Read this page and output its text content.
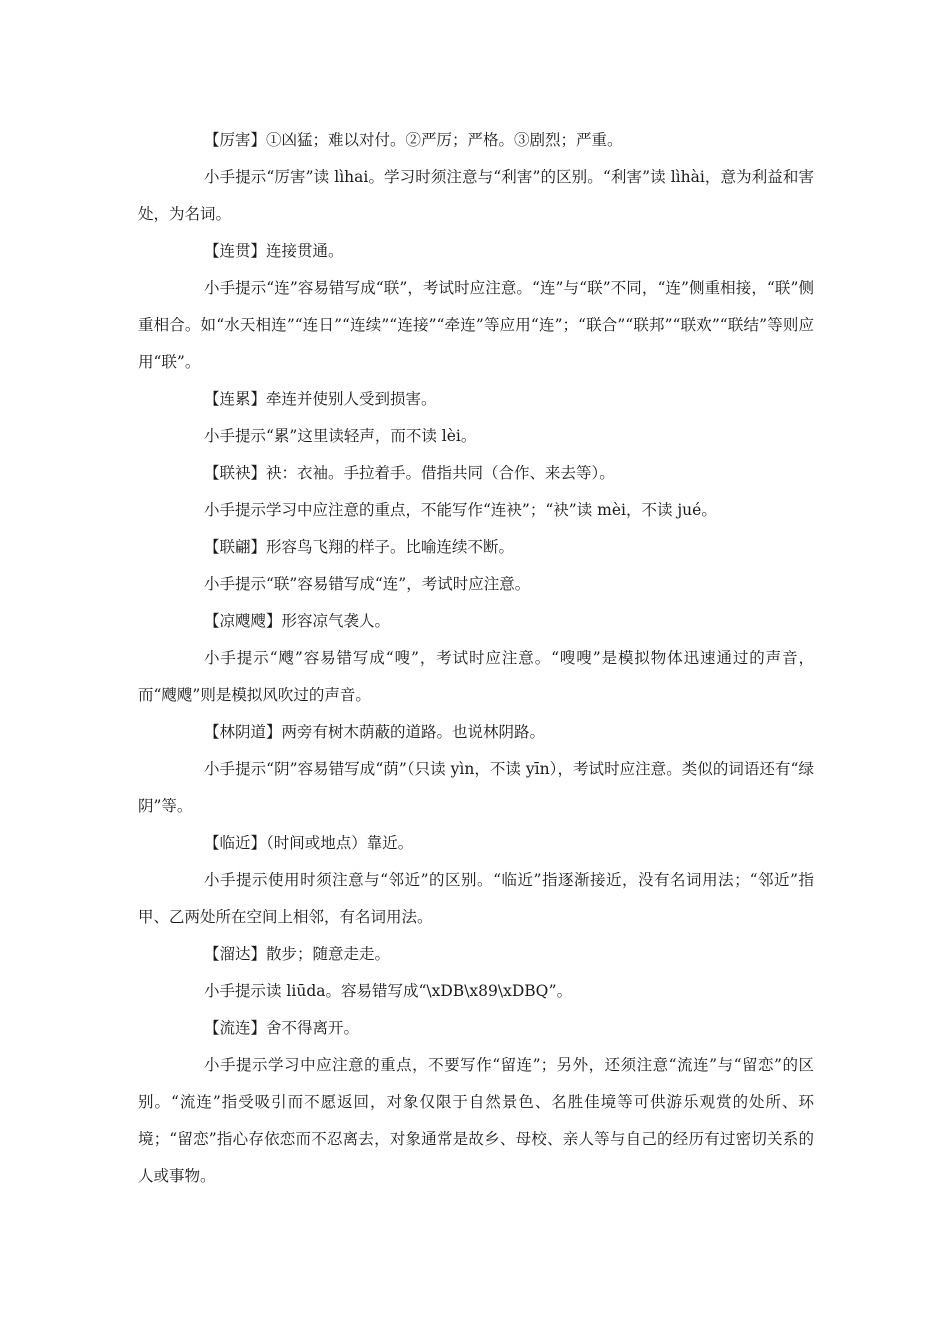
【厉害】①凶猛；难以对付。②严厉；严格。③剧烈；严重。

小手提示“厉害”读 lìhai。学习时须注意与“利害”的区别。“利害”读 lìhài，意为利益和害处，为名词。

【连贯】连接贯通。

小手提示“连”容易错写成“联”，考试时应注意。“连”与“联”不同，“连”侧重相接，“联”侧重相合。如“水天相连”“连日”“连续”“连接”“牵连”等应用“连”；“联合”“联邦”“联欢”“联结”等则应用“联”。

【连累】牵连并使别人受到损害。

小手提示“累”这里读轻声，而不读 lèi。

【联袂】袂：衣袖。手拉着手。借指共同（合作、来去等）。

小手提示学习中应注意的重点，不能写作“连袂”；“袂”读 mèi，不读 jué。

【联翩】形容鸟飞翔的样子。比喻连续不断。

小手提示“联”容易错写成“连”，考试时应注意。

【凉飕飕】形容凉气袭人。

小手提示“飕”容易错写成“嗖”，考试时应注意。“嗖嗖”是模拟物体迅速通过的声音，而“飕飕”则是模拟风吹过的声音。

【林阴道】两旁有树木荫蔽的道路。也说林阴路。

小手提示“阴”容易错写成“荫”（只读 yìn，不读 yīn），考试时应注意。类似的词语还有“绿阴”等。

【临近】（时间或地点）靠近。

小手提示使用时须注意与“邻近”的区别。“临近”指逐渐接近，没有名词用法；“邻近”指甲、乙两处所在空间上相邻，有名词用法。

【溜达】散步；随意走走。

小手提示读 liūda。容易错写成“\xDB\x89\xDBQ”。

【流连】舍不得离开。

小手提示学习中应注意的重点，不要写作“留连”；另外，还须注意“流连”与“留恋”的区别。“流连”指受吸引而不愿返回，对象仅限于自然景色、名胜佳境等可供游乐观赏的处所、环境；“留恋”指心存依恋而不忍离去，对象通常是故乡、母校、亲人等与自己的经历有过密切关系的人或事物。
